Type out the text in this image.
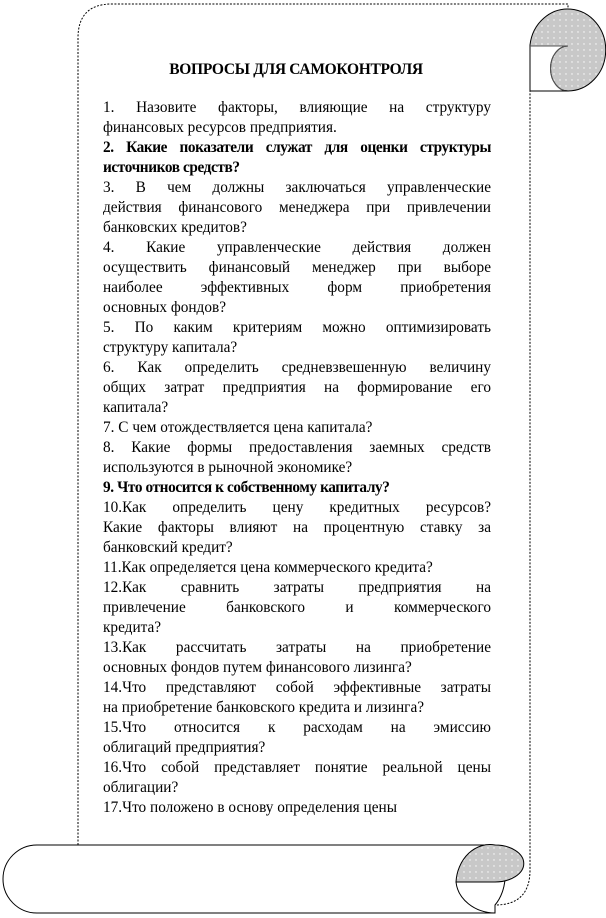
ВОПРОСЫ ДЛЯ САМОКОНТРОЛЯ
1. Назовите факторы, влияющие на структуру
финансовых ресурсов предприятия.
2. Какие показатели служат для оценки структуры
источников средств?
3. В чем должны заключаться управленческие
действия финансового менеджера при привлечении
банковских кредитов?
4. Какие управленческие действия должен
осуществить финансовый менеджер при выборе
наиболее эффективных форм приобретения
основных фондов?
5. По каким критериям можно оптимизировать
структуру капитала?
6. Как определить средневзвешенную величину
общих затрат предприятия на формирование его
капитала?
7. С чем отождествляется цена капитала?
8. Какие формы предоставления заемных средств
используются в рыночной экономике?
9. Что относится к собственному капиталу?
10.Как определить цену кредитных ресурсов?
Какие факторы влияют на процентную ставку за
банковский кредит?
11.Как определяется цена коммерческого кредита?
12.Как сравнить затраты предприятия на
привлечение банковского и коммерческого
кредита?
13.Как рассчитать затраты на приобретение
основных фондов путем финансового лизинга?
14.Что представляют собой эффективные затраты
на приобретение банковского кредита и лизинга?
15.Что относится к расходам на эмиссию
облигаций предприятия?
16.Что собой представляет понятие реальной цены
облигации?
17.Что положено в основу определения цены
